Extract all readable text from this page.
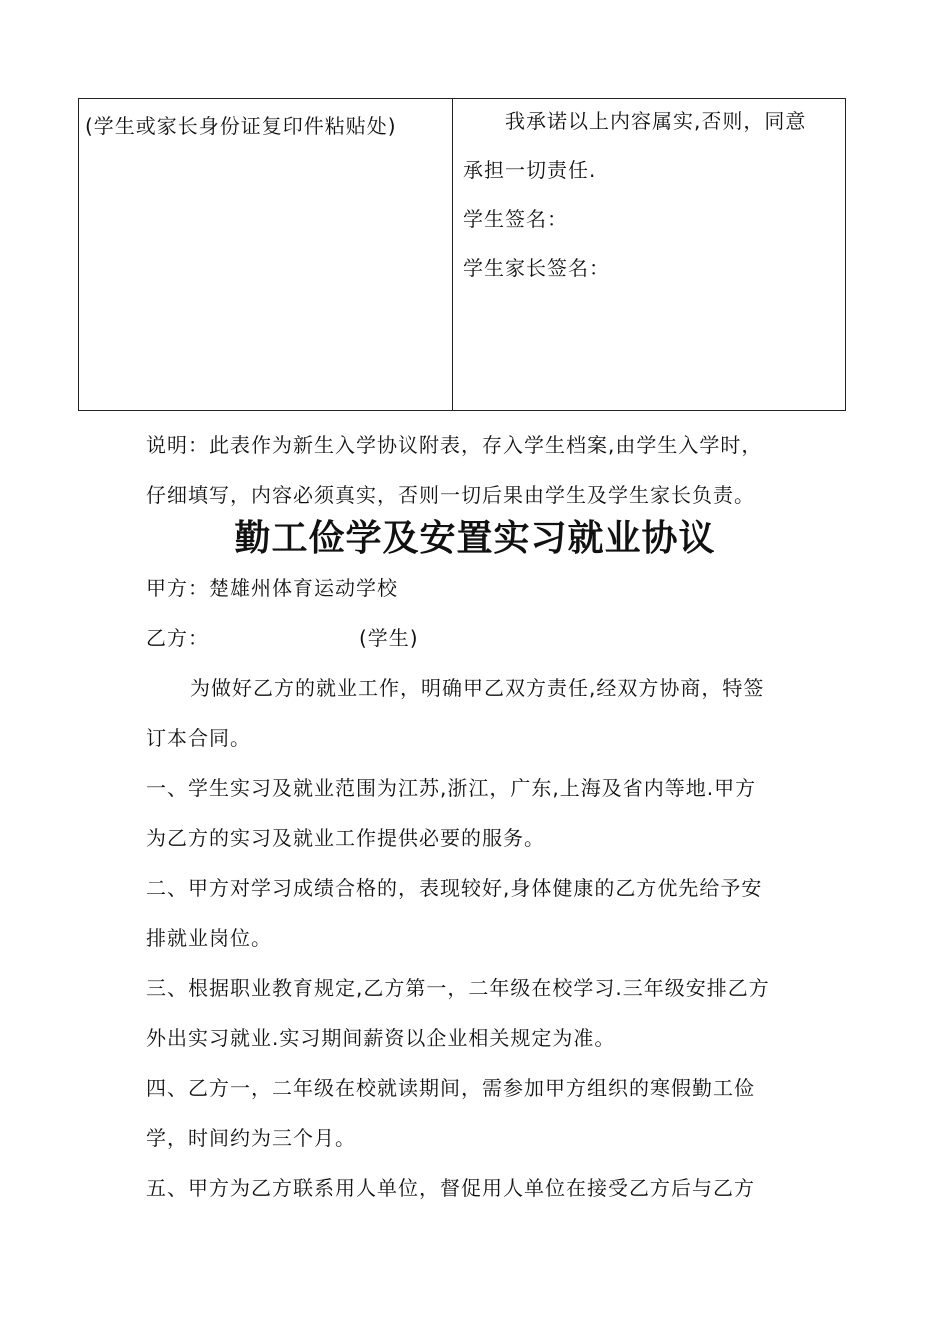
(学生或家长身份证复印件粘贴处)	我承诺以上内容属实,否则，同意

承担一切责任.

学生签名：

学生家长签名：

说明：此表作为新生入学协议附表，存入学生档案,由学生入学时，

仔细填写，内容必须真实，否则一切后果由学生及学生家长负责。

勤工俭学及安置实习就业协议

甲方：楚雄州体育运动学校

乙方：	(学生)

为做好乙方的就业工作，明确甲乙双方责任,经双方协商，特签

订本合同。

一、学生实习及就业范围为江苏,浙江，广东,上海及省内等地.甲方

为乙方的实习及就业工作提供必要的服务。

二、甲方对学习成绩合格的，表现较好,身体健康的乙方优先给予安

排就业岗位。

三、根据职业教育规定,乙方第一，二年级在校学习.三年级安排乙方

外出实习就业.实习期间薪资以企业相关规定为准。

四、乙方一，二年级在校就读期间，需参加甲方组织的寒假勤工俭

学，时间约为三个月。

五、甲方为乙方联系用人单位，督促用人单位在接受乙方后与乙方
